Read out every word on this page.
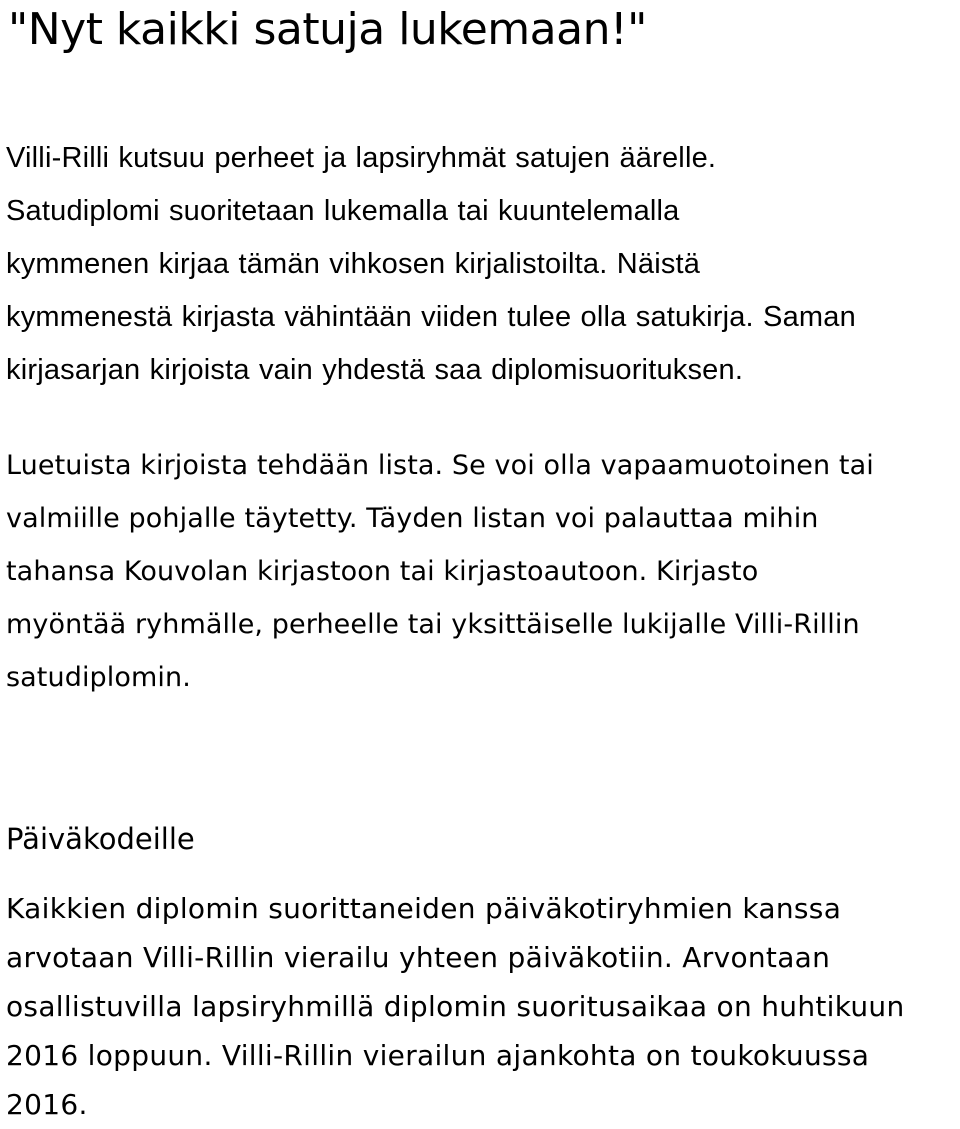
"Nyt kaikki satuja lukemaan!"

Villi-Rilli kutsuu perheet ja lapsiryhmät satujen äärelle.
Satudiplomi suoritetaan lukemalla tai kuuntelemalla
kymmenen kirjaa tämän vihkosen kirjalistoilta. Näistä
kymmenestä kirjasta vähintään viiden tulee olla satukirja. Saman
kirjasarjan kirjoista vain yhdestä saa diplomisuorituksen.

Luetuista kirjoista tehdään lista. Se voi olla vapaamuotoinen tai
valmiille pohjalle täytetty. Täyden listan voi palauttaa mihin
tahansa Kouvolan kirjastoon tai kirjastoautoon. Kirjasto
myöntää ryhmälle, perheelle tai yksittäiselle lukijalle Villi-Rillin
satudiplomin.

Päiväkodeille

Kaikkien diplomin suorittaneiden päiväkotiryhmien kanssa
arvotaan Villi-Rillin vierailu yhteen päiväkotiin. Arvontaan
osallistuvilla lapsiryhmillä diplomin suoritusaikaa on huhtikuun
2016 loppuun. Villi-Rillin vierailun ajankohta on toukokuussa
2016.
